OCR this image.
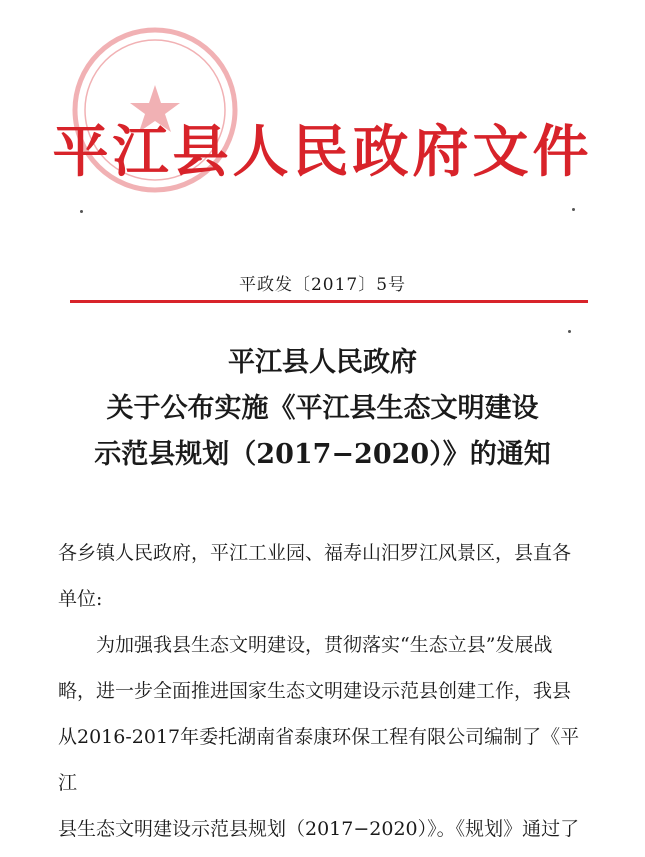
平江县人民政府文件
平政发〔2017〕5号
平江县人民政府
关于公布实施《平江县生态文明建设
示范县规划（2017−2020）》的通知

各乡镇人民政府，平江工业园、福寿山汨罗江风景区，县直各

单位:

为加强我县生态文明建设，贯彻落实“生态立县”发展战

略，进一步全面推进国家生态文明建设示范县创建工作，我县

从2016-2017年委托湖南省泰康环保工程有限公司编制了《平江

县生态文明建设示范县规划（2017−2020）》。《规划》通过了
